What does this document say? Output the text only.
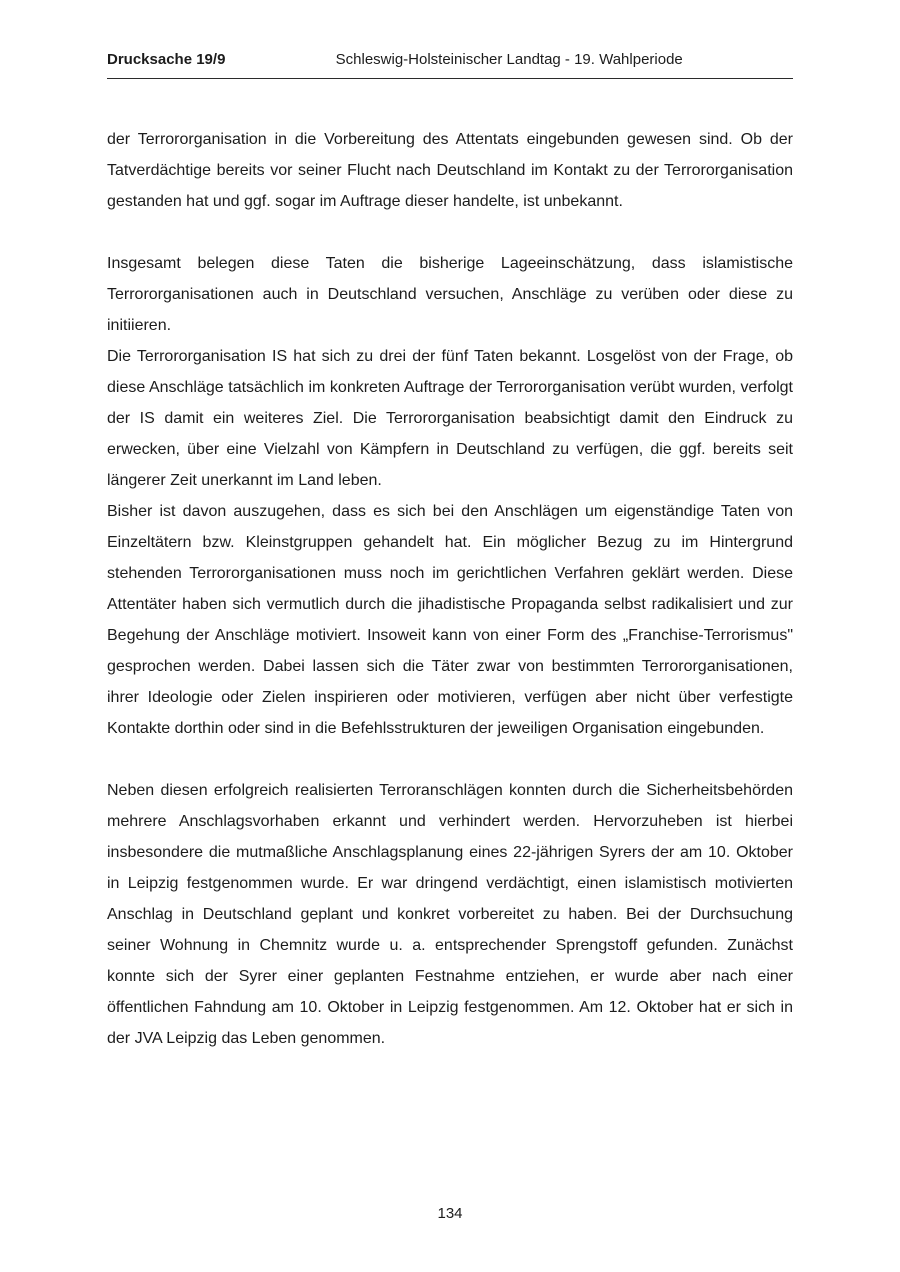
Drucksache 19/9	Schleswig-Holsteinischer Landtag - 19. Wahlperiode

der Terrororganisation in die Vorbereitung des Attentats eingebunden gewesen sind. Ob der Tatverdächtige bereits vor seiner Flucht nach Deutschland im Kontakt zu der Terrororganisation gestanden hat und ggf. sogar im Auftrage dieser handelte, ist unbekannt.

Insgesamt belegen diese Taten die bisherige Lageeinschätzung, dass islamistische Terrororganisationen auch in Deutschland versuchen, Anschläge zu verüben oder diese zu initiieren.

Die Terrororganisation IS hat sich zu drei der fünf Taten bekannt. Losgelöst von der Frage, ob diese Anschläge tatsächlich im konkreten Auftrage der Terrororganisation verübt wurden, verfolgt der IS damit ein weiteres Ziel. Die Terrororganisation beabsichtigt damit den Eindruck zu erwecken, über eine Vielzahl von Kämpfern in Deutschland zu verfügen, die ggf. bereits seit längerer Zeit unerkannt im Land leben.

Bisher ist davon auszugehen, dass es sich bei den Anschlägen um eigenständige Taten von Einzeltätern bzw. Kleinstgruppen gehandelt hat. Ein möglicher Bezug zu im Hintergrund stehenden Terrororganisationen muss noch im gerichtlichen Verfahren geklärt werden. Diese Attentäter haben sich vermutlich durch die jihadistische Propaganda selbst radikalisiert und zur Begehung der Anschläge motiviert. Insoweit kann von einer Form des „Franchise-Terrorismus" gesprochen werden. Dabei lassen sich die Täter zwar von bestimmten Terrororganisationen, ihrer Ideologie oder Zielen inspirieren oder motivieren, verfügen aber nicht über verfestigte Kontakte dorthin oder sind in die Befehlsstrukturen der jeweiligen Organisation eingebunden.

Neben diesen erfolgreich realisierten Terroranschlägen konnten durch die Sicherheitsbehörden mehrere Anschlagsvorhaben erkannt und verhindert werden. Hervorzuheben ist hierbei insbesondere die mutmaßliche Anschlagsplanung eines 22-jährigen Syrers der am 10. Oktober in Leipzig festgenommen wurde. Er war dringend verdächtigt, einen islamistisch motivierten Anschlag in Deutschland geplant und konkret vorbereitet zu haben. Bei der Durchsuchung seiner Wohnung in Chemnitz wurde u. a. entsprechender Sprengstoff gefunden. Zunächst konnte sich der Syrer einer geplanten Festnahme entziehen, er wurde aber nach einer öffentlichen Fahndung am 10. Oktober in Leipzig festgenommen. Am 12. Oktober hat er sich in der JVA Leipzig das Leben genommen.

134
